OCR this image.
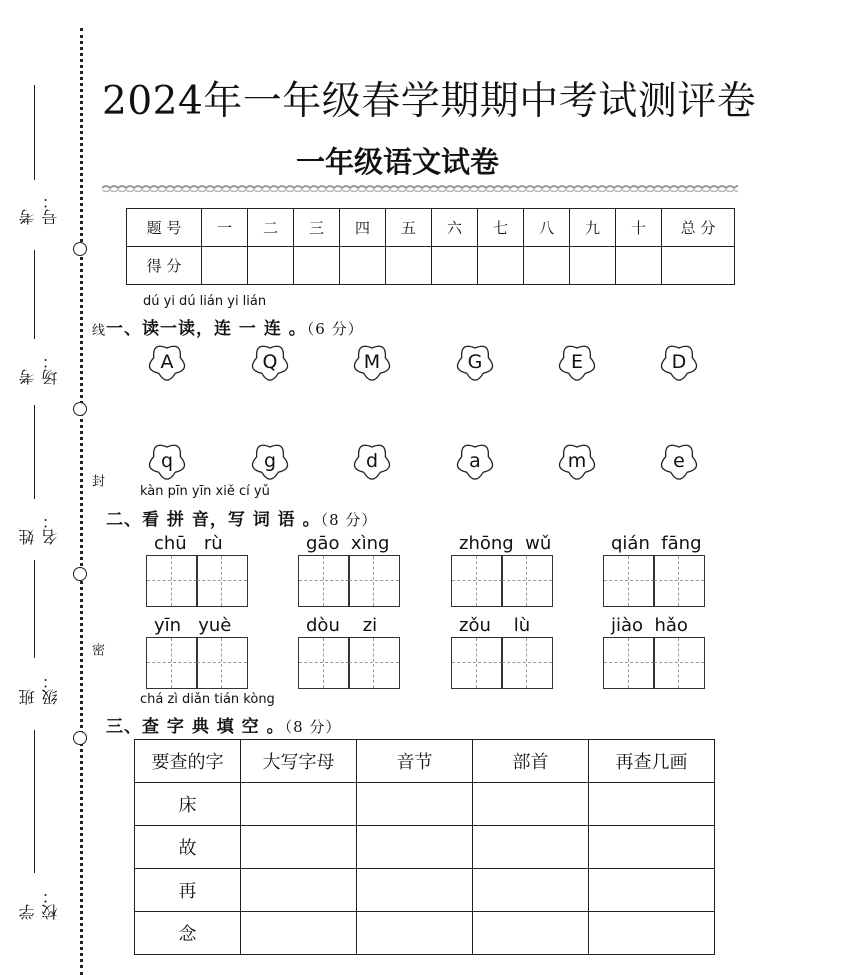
线
封
密
考号：
考场：
姓名：
班级：
学校：
2024年一年级春学期期中考试测评卷
一年级语文试卷
题 号	一	二	三	四	五	六	七	八	九	十	总 分
得 分											
dú yi dú lián yi lián
一、读一读，连 一 连 。（6 分）
A	Q	M	G	E	D
q	g	d	a	m	e
kàn pīn yīn xiě cí yǔ
二、看 拼 音，写 词 语 。（8 分）
chū   rù	gāo  xìng	zhōng  wǔ	qián  fāng
yīn   yuè	dòu    zi	zǒu    lù	jiào  hǎo
chá zì diǎn tián kòng
三、查 字 典 填 空 。（8 分）
要查的字	大写字母	音节	部首	再查几画
床				
故				
再				
念				
